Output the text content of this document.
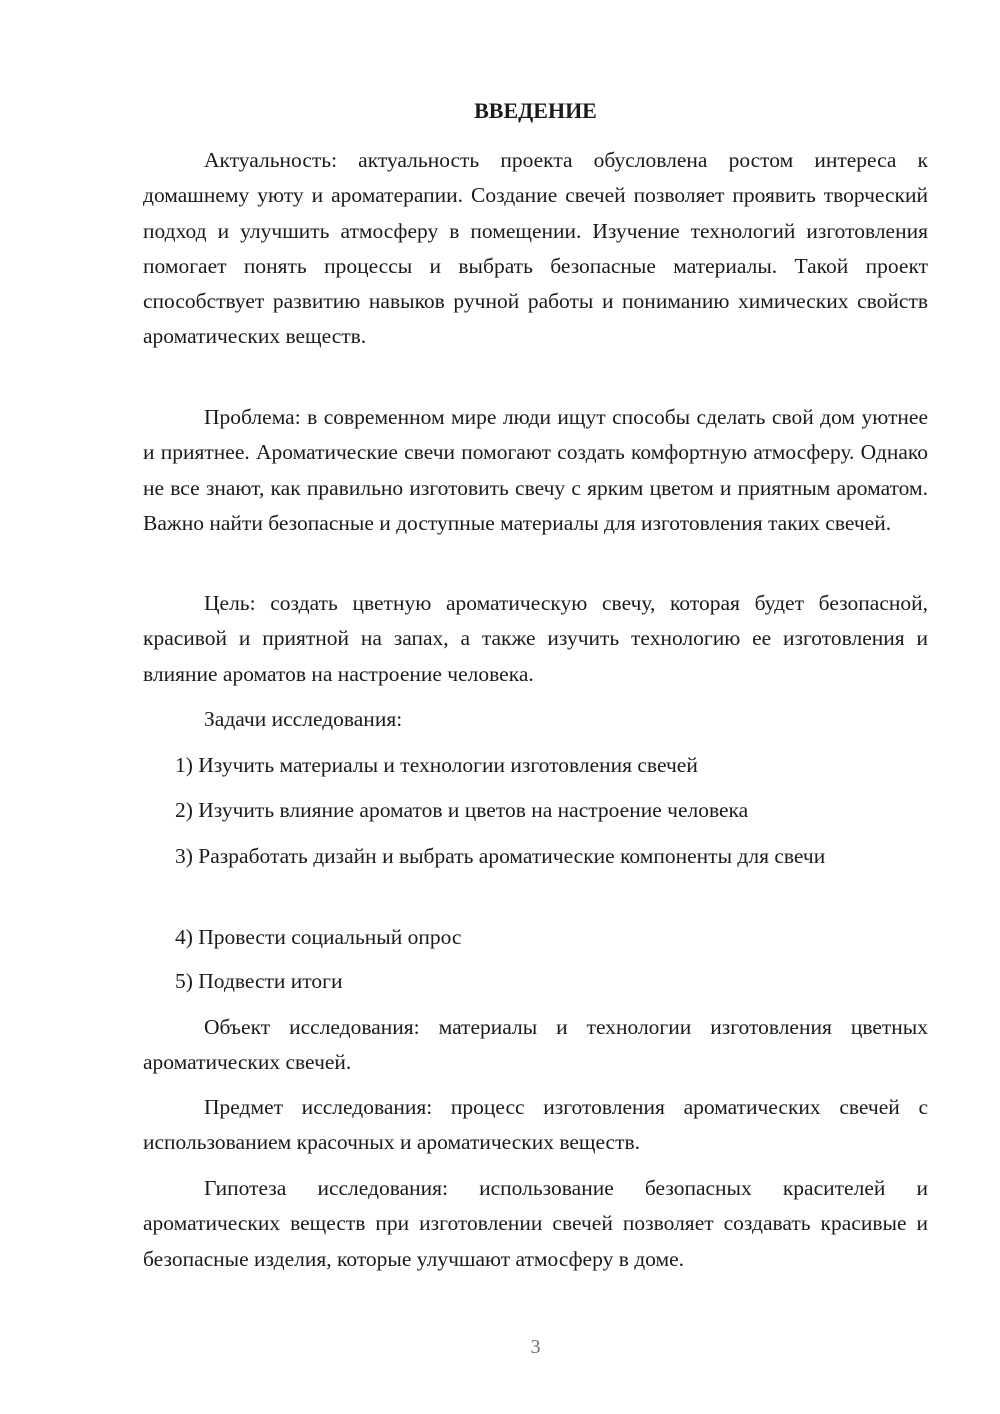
ВВЕДЕНИЕ

Актуальность: актуальность проекта обусловлена ростом интереса к домашнему уюту и ароматерапии. Создание свечей позволяет проявить творческий подход и улучшить атмосферу в помещении. Изучение технологий изготовления помогает понять процессы и выбрать безопасные материалы. Такой проект способствует развитию навыков ручной работы и пониманию химических свойств ароматических веществ.

Проблема: в современном мире люди ищут способы сделать свой дом уютнее и приятнее. Ароматические свечи помогают создать комфортную атмосферу. Однако не все знают, как правильно изготовить свечу с ярким цветом и приятным ароматом. Важно найти безопасные и доступные материалы для изготовления таких свечей.

Цель: создать цветную ароматическую свечу, которая будет безопасной, красивой и приятной на запах, а также изучить технологию ее изготовления и влияние ароматов на настроение человека.

Задачи исследования:

1) Изучить материалы и технологии изготовления свечей

2) Изучить влияние ароматов и цветов на настроение человека

3) Разработать дизайн и выбрать ароматические компоненты для свечи

4) Провести социальный опрос

5) Подвести итоги

Объект исследования: материалы и технологии изготовления цветных ароматических свечей.

Предмет исследования: процесс изготовления ароматических свечей с использованием красочных и ароматических веществ.

Гипотеза исследования: использование безопасных красителей и ароматических веществ при изготовлении свечей позволяет создавать красивые и безопасные изделия, которые улучшают атмосферу в доме.

3
